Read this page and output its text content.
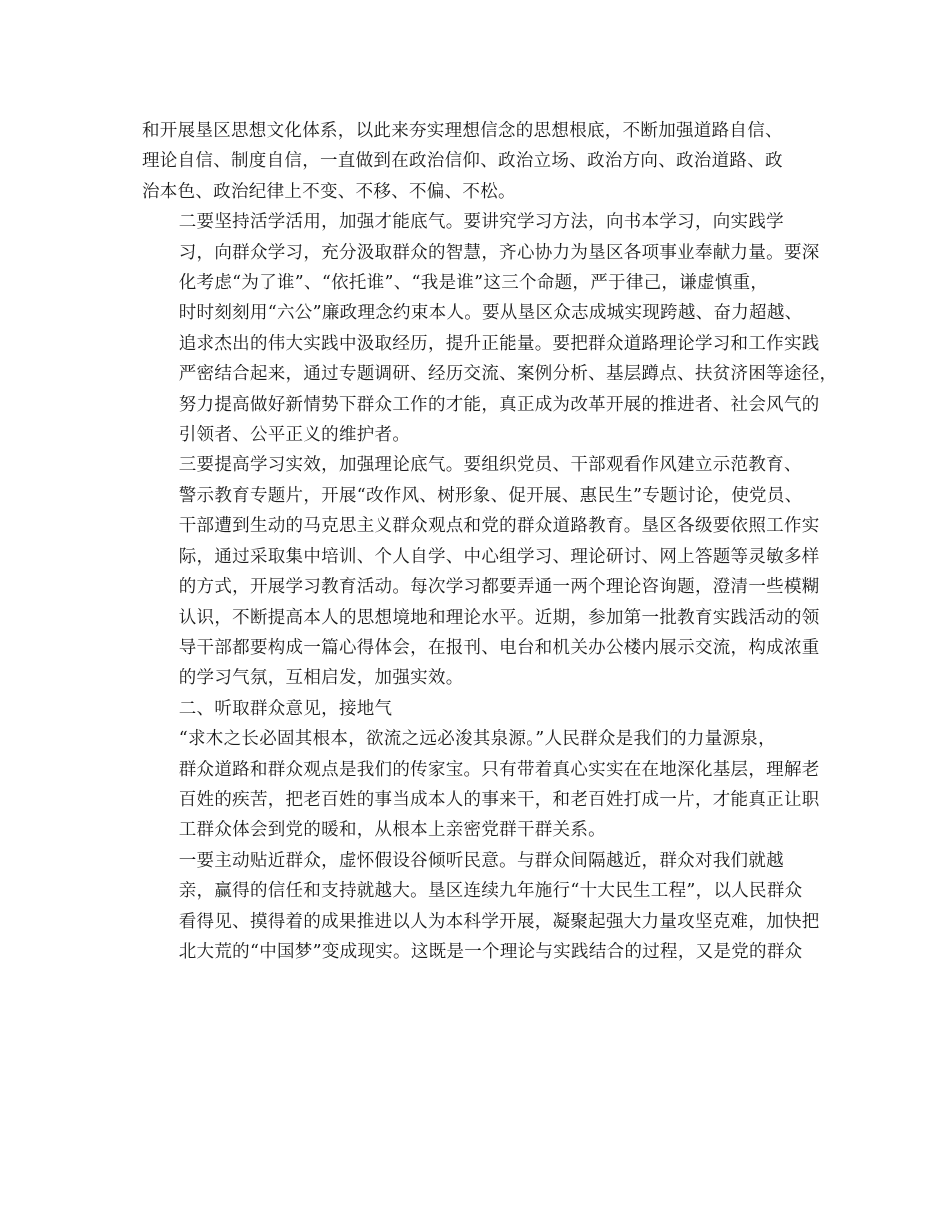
和开展垦区思想文化体系，以此来夯实理想信念的思想根底，不断加强道路自信、
理论自信、制度自信，一直做到在政治信仰、政治立场、政治方向、政治道路、政
治本色、政治纪律上不变、不移、不偏、不松。
二要坚持活学活用，加强才能底气。要讲究学习方法，向书本学习，向实践学
习，向群众学习，充分汲取群众的智慧，齐心协力为垦区各项事业奉献力量。要深
化考虑“为了谁”、“依托谁”、“我是谁”这三个命题，严于律己，谦虚慎重，
时时刻刻用“六公”廉政理念约束本人。要从垦区众志成城实现跨越、奋力超越、
追求杰出的伟大实践中汲取经历，提升正能量。要把群众道路理论学习和工作实践
严密结合起来，通过专题调研、经历交流、案例分析、基层蹲点、扶贫济困等途径，
努力提高做好新情势下群众工作的才能，真正成为改革开展的推进者、社会风气的
引领者、公平正义的维护者。
三要提高学习实效，加强理论底气。要组织党员、干部观看作风建立示范教育、
警示教育专题片，开展“改作风、树形象、促开展、惠民生”专题讨论，使党员、
干部遭到生动的马克思主义群众观点和党的群众道路教育。垦区各级要依照工作实
际，通过采取集中培训、个人自学、中心组学习、理论研讨、网上答题等灵敏多样
的方式，开展学习教育活动。每次学习都要弄通一两个理论咨询题，澄清一些模糊
认识，不断提高本人的思想境地和理论水平。近期，参加第一批教育实践活动的领
导干部都要构成一篇心得体会，在报刊、电台和机关办公楼内展示交流，构成浓重
的学习气氛，互相启发，加强实效。
二、听取群众意见，接地气
“求木之长必固其根本，欲流之远必浚其泉源。”人民群众是我们的力量源泉，
群众道路和群众观点是我们的传家宝。只有带着真心实实在在地深化基层，理解老
百姓的疾苦，把老百姓的事当成本人的事来干，和老百姓打成一片，才能真正让职
工群众体会到党的暖和，从根本上亲密党群干群关系。
一要主动贴近群众，虚怀假设谷倾听民意。与群众间隔越近，群众对我们就越
亲，赢得的信任和支持就越大。垦区连续九年施行“十大民生工程”，以人民群众
看得见、摸得着的成果推进以人为本科学开展，凝聚起强大力量攻坚克难，加快把
北大荒的“中国梦”变成现实。这既是一个理论与实践结合的过程，又是党的群众
